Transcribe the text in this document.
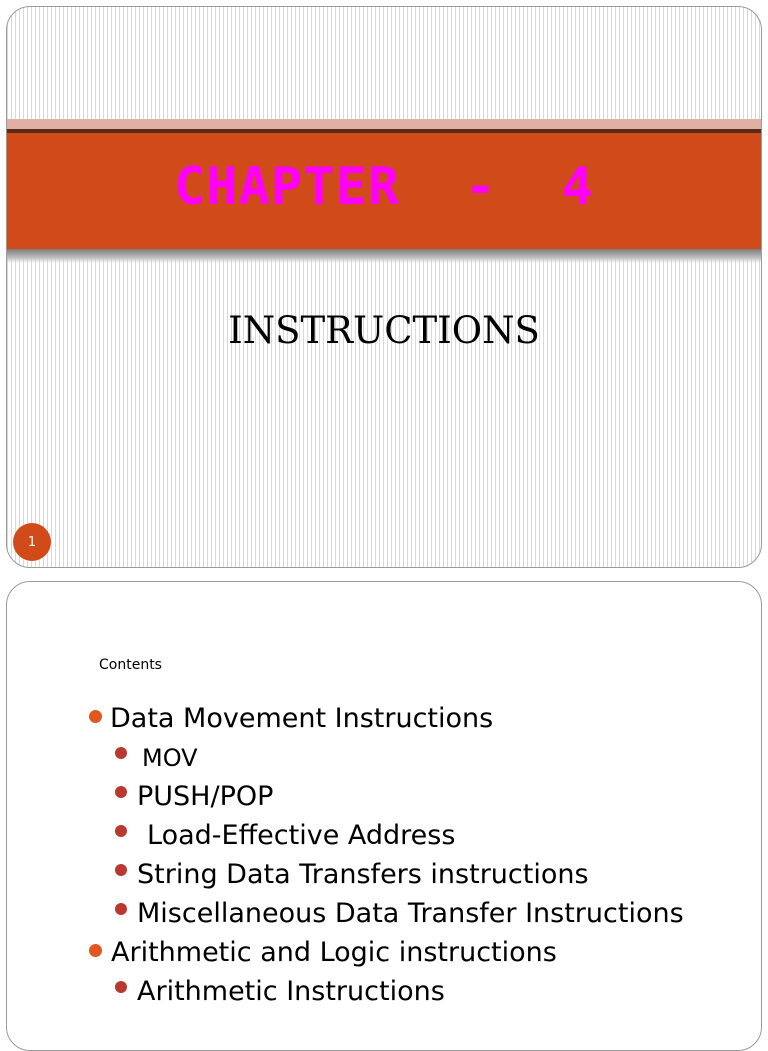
CHAPTER  -  4
INSTRUCTIONS
1
Contents
Data Movement Instructions
MOV
PUSH/POP
Load-Effective Address
String Data Transfers instructions
Miscellaneous Data Transfer Instructions
Arithmetic and Logic instructions
Arithmetic Instructions
